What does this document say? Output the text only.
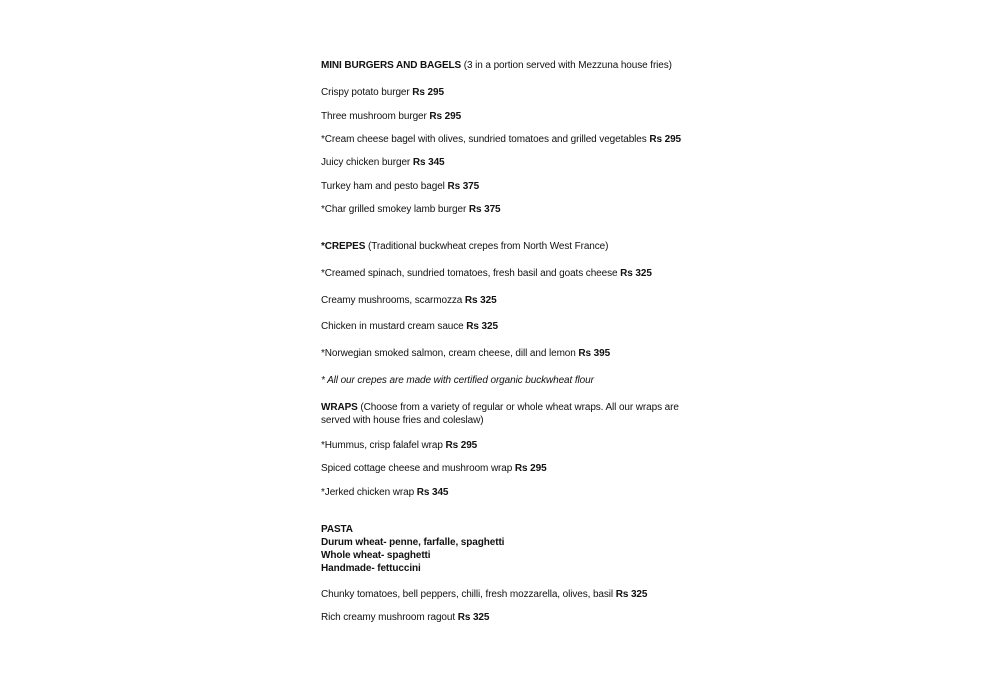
MINI BURGERS AND BAGELS (3 in a portion served with Mezzuna house fries)
Crispy potato burger Rs 295
Three mushroom burger Rs 295
*Cream cheese bagel with olives, sundried tomatoes and grilled vegetables Rs 295
Juicy chicken burger Rs 345
Turkey ham and pesto bagel Rs 375
*Char grilled smokey lamb burger Rs 375
*CREPES (Traditional buckwheat crepes from North West France)
*Creamed spinach, sundried tomatoes, fresh basil and goats cheese Rs 325
Creamy mushrooms, scarmozza Rs 325
Chicken in mustard cream sauce Rs 325
*Norwegian smoked salmon, cream cheese, dill and lemon Rs 395
* All our crepes are made with certified organic buckwheat flour
WRAPS (Choose from a variety of regular or whole wheat wraps. All our wraps are served with house fries and coleslaw)
*Hummus, crisp falafel wrap Rs 295
Spiced cottage cheese and mushroom wrap Rs 295
*Jerked chicken wrap Rs 345
PASTA
Durum wheat- penne, farfalle, spaghetti
Whole wheat- spaghetti
Handmade- fettuccini
Chunky tomatoes, bell peppers, chilli, fresh mozzarella, olives, basil Rs 325
Rich creamy mushroom ragout Rs 325
